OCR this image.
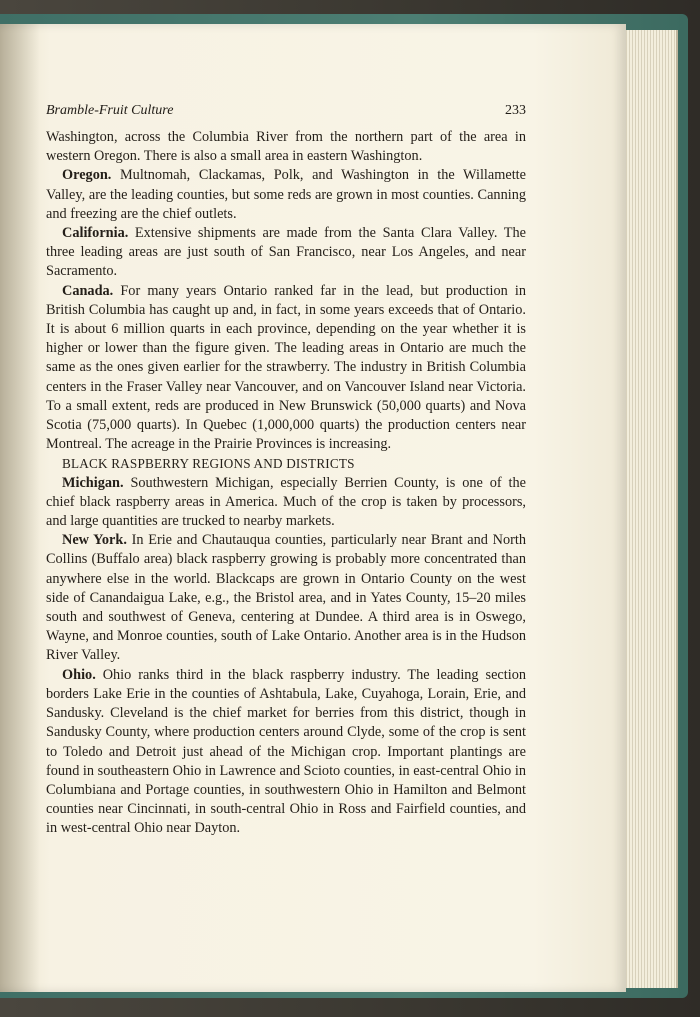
Bramble-Fruit Culture	233

Washington, across the Columbia River from the northern part of the area in western Oregon. There is also a small area in eastern Washington.

Oregon. Multnomah, Clackamas, Polk, and Washington in the Willamette Valley, are the leading counties, but some reds are grown in most counties. Canning and freezing are the chief outlets.

California. Extensive shipments are made from the Santa Clara Valley. The three leading areas are just south of San Francisco, near Los Angeles, and near Sacramento.

Canada. For many years Ontario ranked far in the lead, but production in British Columbia has caught up and, in fact, in some years exceeds that of Ontario. It is about 6 million quarts in each province, depending on the year whether it is higher or lower than the figure given. The leading areas in Ontario are much the same as the ones given earlier for the strawberry. The industry in British Columbia centers in the Fraser Valley near Vancouver, and on Vancouver Island near Victoria. To a small extent, reds are produced in New Brunswick (50,000 quarts) and Nova Scotia (75,000 quarts). In Quebec (1,000,000 quarts) the production centers near Montreal. The acreage in the Prairie Provinces is increasing.

BLACK RASPBERRY REGIONS AND DISTRICTS

Michigan. Southwestern Michigan, especially Berrien County, is one of the chief black raspberry areas in America. Much of the crop is taken by processors, and large quantities are trucked to nearby markets.

New York. In Erie and Chautauqua counties, particularly near Brant and North Collins (Buffalo area) black raspberry growing is probably more concentrated than anywhere else in the world. Blackcaps are grown in Ontario County on the west side of Canandaigua Lake, e.g., the Bristol area, and in Yates County, 15–20 miles south and southwest of Geneva, centering at Dundee. A third area is in Oswego, Wayne, and Monroe counties, south of Lake Ontario. Another area is in the Hudson River Valley.

Ohio. Ohio ranks third in the black raspberry industry. The leading section borders Lake Erie in the counties of Ashtabula, Lake, Cuyahoga, Lorain, Erie, and Sandusky. Cleveland is the chief market for berries from this district, though in Sandusky County, where production centers around Clyde, some of the crop is sent to Toledo and Detroit just ahead of the Michigan crop. Important plantings are found in southeastern Ohio in Lawrence and Scioto counties, in east-central Ohio in Columbiana and Portage counties, in southwestern Ohio in Hamilton and Belmont counties near Cincinnati, in south-central Ohio in Ross and Fairfield counties, and in west-central Ohio near Dayton.
